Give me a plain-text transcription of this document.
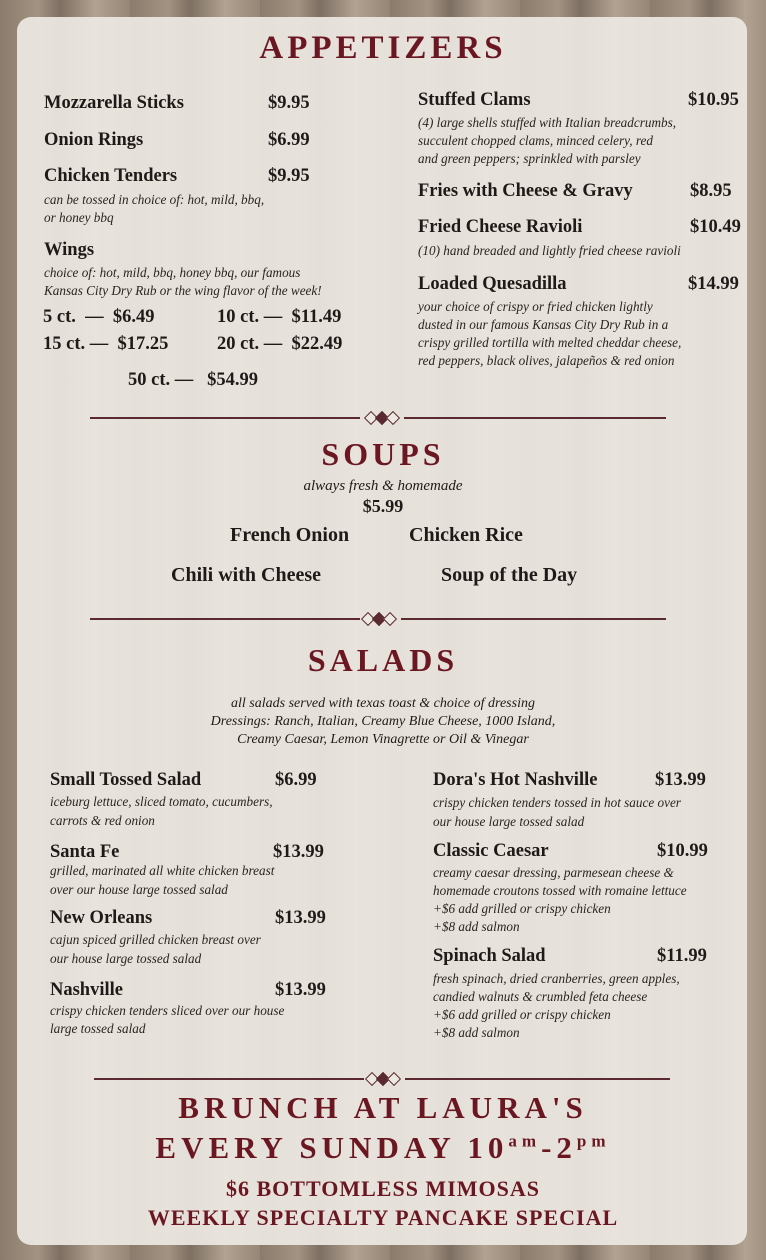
APPETIZERS
Mozzarella Sticks	$9.95
Onion Rings	$6.99
Chicken Tenders	$9.95
can be tossed in choice of: hot, mild, bbq,
or honey bbq
Wings
choice of: hot, mild, bbq, honey bbq, our famous
Kansas City Dry Rub or the wing flavor of the week!
5 ct.  —  $6.49	10 ct. —  $11.49
15 ct. —  $17.25	20 ct. —  $22.49
50 ct. —   $54.99
Stuffed Clams	$10.95
(4) large shells stuffed with Italian breadcrumbs,
succulent chopped clams, minced celery, red
and green peppers; sprinkled with parsley
Fries with Cheese & Gravy	$8.95
Fried Cheese Ravioli	$10.49
(10) hand breaded and lightly fried cheese ravioli
Loaded Quesadilla	$14.99
your choice of crispy or fried chicken lightly
dusted in our famous Kansas City Dry Rub in a
crispy grilled tortilla with melted cheddar cheese,
red peppers, black olives, jalapeños & red onion
SOUPS
always fresh & homemade
$5.99
French Onion	Chicken Rice
Chili with Cheese	Soup of the Day
SALADS
all salads served with texas toast & choice of dressing
Dressings: Ranch, Italian, Creamy Blue Cheese, 1000 Island,
Creamy Caesar, Lemon Vinagrette or Oil & Vinegar
Small Tossed Salad	$6.99
iceburg lettuce, sliced tomato, cucumbers,
carrots & red onion
Santa Fe	$13.99
grilled, marinated all white chicken breast
over our house large tossed salad
New Orleans	$13.99
cajun spiced grilled chicken breast over
our house large tossed salad
Nashville	$13.99
crispy chicken tenders sliced over our house
large tossed salad
Dora's Hot Nashville	$13.99
crispy chicken tenders tossed in hot sauce over
our house large tossed salad
Classic Caesar	$10.99
creamy caesar dressing, parmesean cheese &
homemade croutons tossed with romaine lettuce
+$6 add grilled or crispy chicken
+$8 add salmon
Spinach Salad	$11.99
fresh spinach, dried cranberries, green apples,
candied walnuts & crumbled feta cheese
+$6 add grilled or crispy chicken
+$8 add salmon
BRUNCH AT LAURA'S
EVERY SUNDAY $10^{am}-2^{pm}$
$6 BOTTOMLESS MIMOSAS
WEEKLY SPECIALTY PANCAKE SPECIAL
